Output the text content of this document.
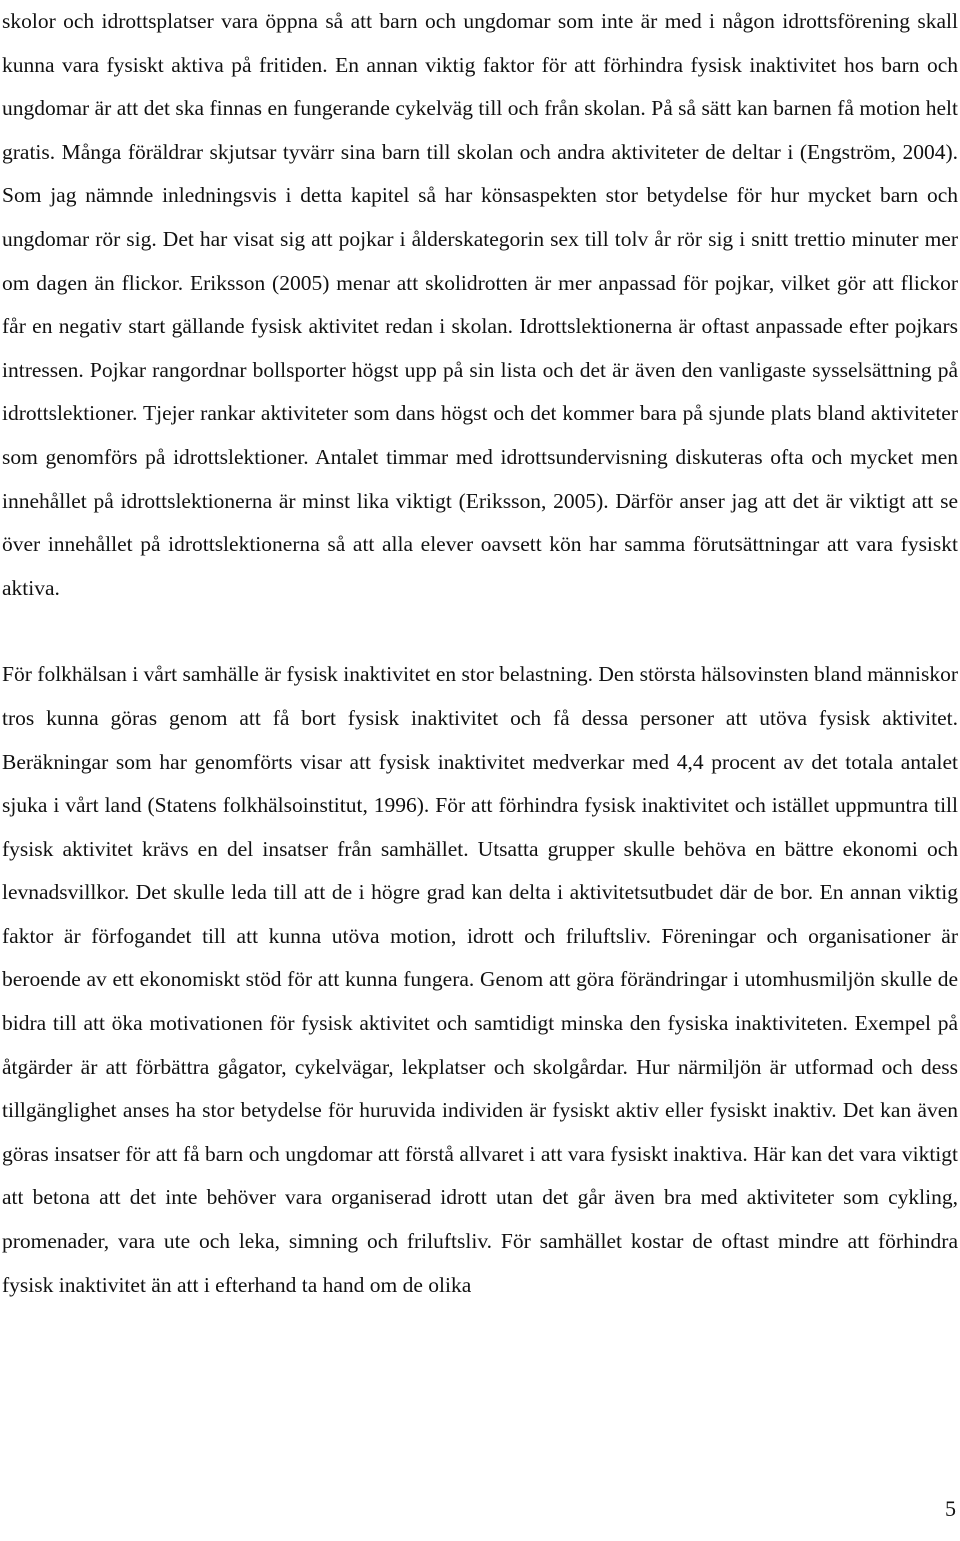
skolor och idrottsplatser vara öppna så att barn och ungdomar som inte är med i någon idrottsförening skall kunna vara fysiskt aktiva på fritiden. En annan viktig faktor för att förhindra fysisk inaktivitet hos barn och ungdomar är att det ska finnas en fungerande cykelväg till och från skolan. På så sätt kan barnen få motion helt gratis. Många föräldrar skjutsar tyvärr sina barn till skolan och andra aktiviteter de deltar i (Engström, 2004). Som jag nämnde inledningsvis i detta kapitel så har könsaspekten stor betydelse för hur mycket barn och ungdomar rör sig. Det har visat sig att pojkar i ålderskategorin sex till tolv år rör sig i snitt trettio minuter mer om dagen än flickor. Eriksson (2005) menar att skolidrotten är mer anpassad för pojkar, vilket gör att flickor får en negativ start gällande fysisk aktivitet redan i skolan. Idrottslektionerna är oftast anpassade efter pojkars intressen. Pojkar rangordnar bollsporter högst upp på sin lista och det är även den vanligaste sysselsättning på idrottslektioner. Tjejer rankar aktiviteter som dans högst och det kommer bara på sjunde plats bland aktiviteter som genomförs på idrottslektioner. Antalet timmar med idrottsundervisning diskuteras ofta och mycket men innehållet på idrottslektionerna är minst lika viktigt (Eriksson, 2005). Därför anser jag att det är viktigt att se över innehållet på idrottslektionerna så att alla elever oavsett kön har samma förutsättningar att vara fysiskt aktiva.

För folkhälsan i vårt samhälle är fysisk inaktivitet en stor belastning. Den största hälsovinsten bland människor tros kunna göras genom att få bort fysisk inaktivitet och få dessa personer att utöva fysisk aktivitet. Beräkningar som har genomförts visar att fysisk inaktivitet medverkar med 4,4 procent av det totala antalet sjuka i vårt land (Statens folkhälsoinstitut, 1996). För att förhindra fysisk inaktivitet och istället uppmuntra till fysisk aktivitet krävs en del insatser från samhället. Utsatta grupper skulle behöva en bättre ekonomi och levnadsvillkor. Det skulle leda till att de i högre grad kan delta i aktivitetsutbudet där de bor. En annan viktig faktor är förfogandet till att kunna utöva motion, idrott och friluftsliv. Föreningar och organisationer är beroende av ett ekonomiskt stöd för att kunna fungera. Genom att göra förändringar i utomhusmiljön skulle de bidra till att öka motivationen för fysisk aktivitet och samtidigt minska den fysiska inaktiviteten. Exempel på åtgärder är att förbättra gågator, cykelvägar, lekplatser och skolgårdar. Hur närmiljön är utformad och dess tillgänglighet anses ha stor betydelse för huruvida individen är fysiskt aktiv eller fysiskt inaktiv. Det kan även göras insatser för att få barn och ungdomar att förstå allvaret i att vara fysiskt inaktiva. Här kan det vara viktigt att betona att det inte behöver vara organiserad idrott utan det går även bra med aktiviteter som cykling, promenader, vara ute och leka, simning och friluftsliv. För samhället kostar de oftast mindre att förhindra fysisk inaktivitet än att i efterhand ta hand om de olika

5
